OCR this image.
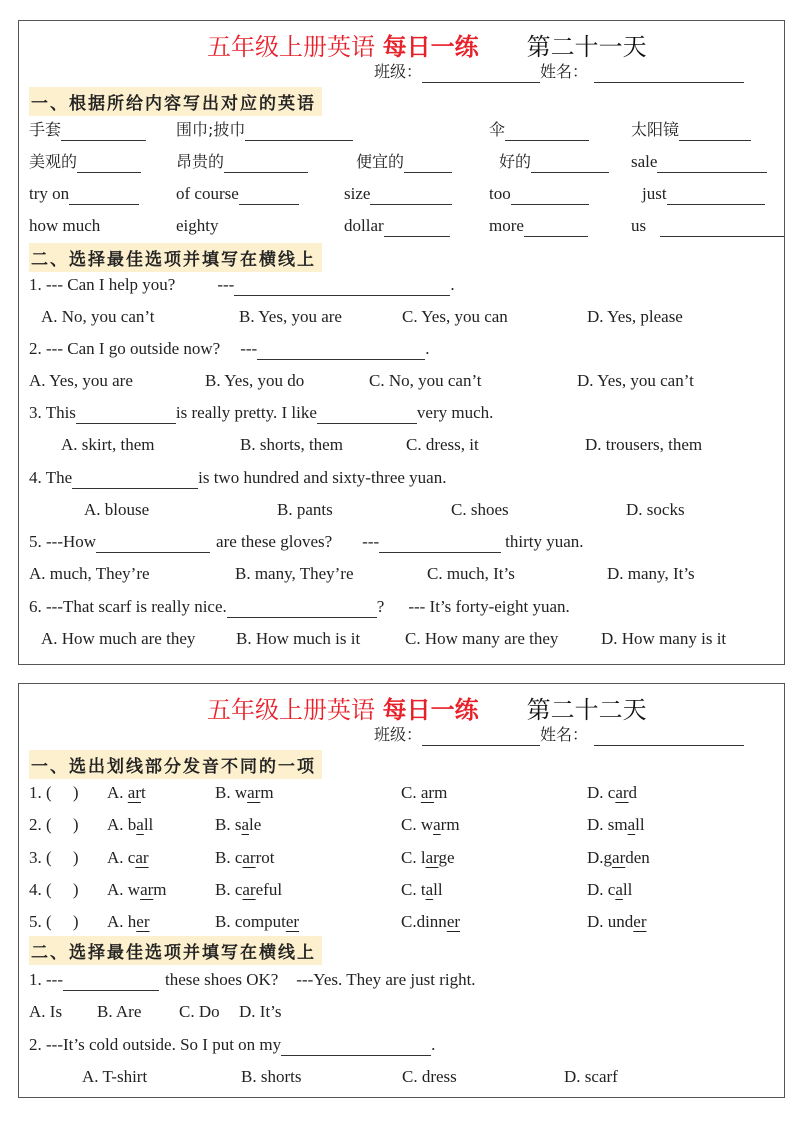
五年级上册英语 每日一练 第二十一天
班级：	姓名：
一、根据所给内容写出对应的英语
手套	围巾;披巾	伞	太阳镜
美观的	昂贵的	便宜的	好的	sale
try on	of course	size	too	just
how much	eighty	dollar	more	us
二、选择最佳选项并填写在横线上
1. --- Can I help you? ---	.
A. No, you can’t	B. Yes, you are	C. Yes, you can	D. Yes, please
2. --- Can I go outside now? ---	.
A. Yes, you are	B. Yes, you do	C. No, you can’t	D. Yes, you can’t
3. This	is really pretty. I like	very much.
A. skirt, them	B. shorts, them	C. dress, it	D. trousers, them
4. The	is two hundred and sixty-three yuan.
A. blouse	B. pants	C. shoes	D. socks
5. ---How	are these gloves? ---	thirty yuan.
A. much, They’re	B. many, They’re	C. much, It’s	D. many, It’s
6. ---That scarf is really nice.	? --- It’s forty-eight yuan.
A. How much are they B. How much is it	C. How many are they	D. How many is it
五年级上册英语 每日一练 第二十二天
班级：	姓名：
一、选出划线部分发音不同的一项
1. (     ) A. art	B. warm	C. arm	D. card
2. (     ) A. ball	B. sale	C. warm	D. small
3. (     ) A. car	B. carrot	C. large	D.garden
4. (     ) A. warm	B. careful	C. tall	D. call
5. (     ) A. her	B. computer	C.dinner	D. under
二、选择最佳选项并填写在横线上
1. ---	these shoes OK? ---Yes. They are just right.
A. Is B. Are C. Do D. It’s
2. ---It’s cold outside. So I put on my	.
A. T-shirt	B. shorts	C. dress	D. scarf
